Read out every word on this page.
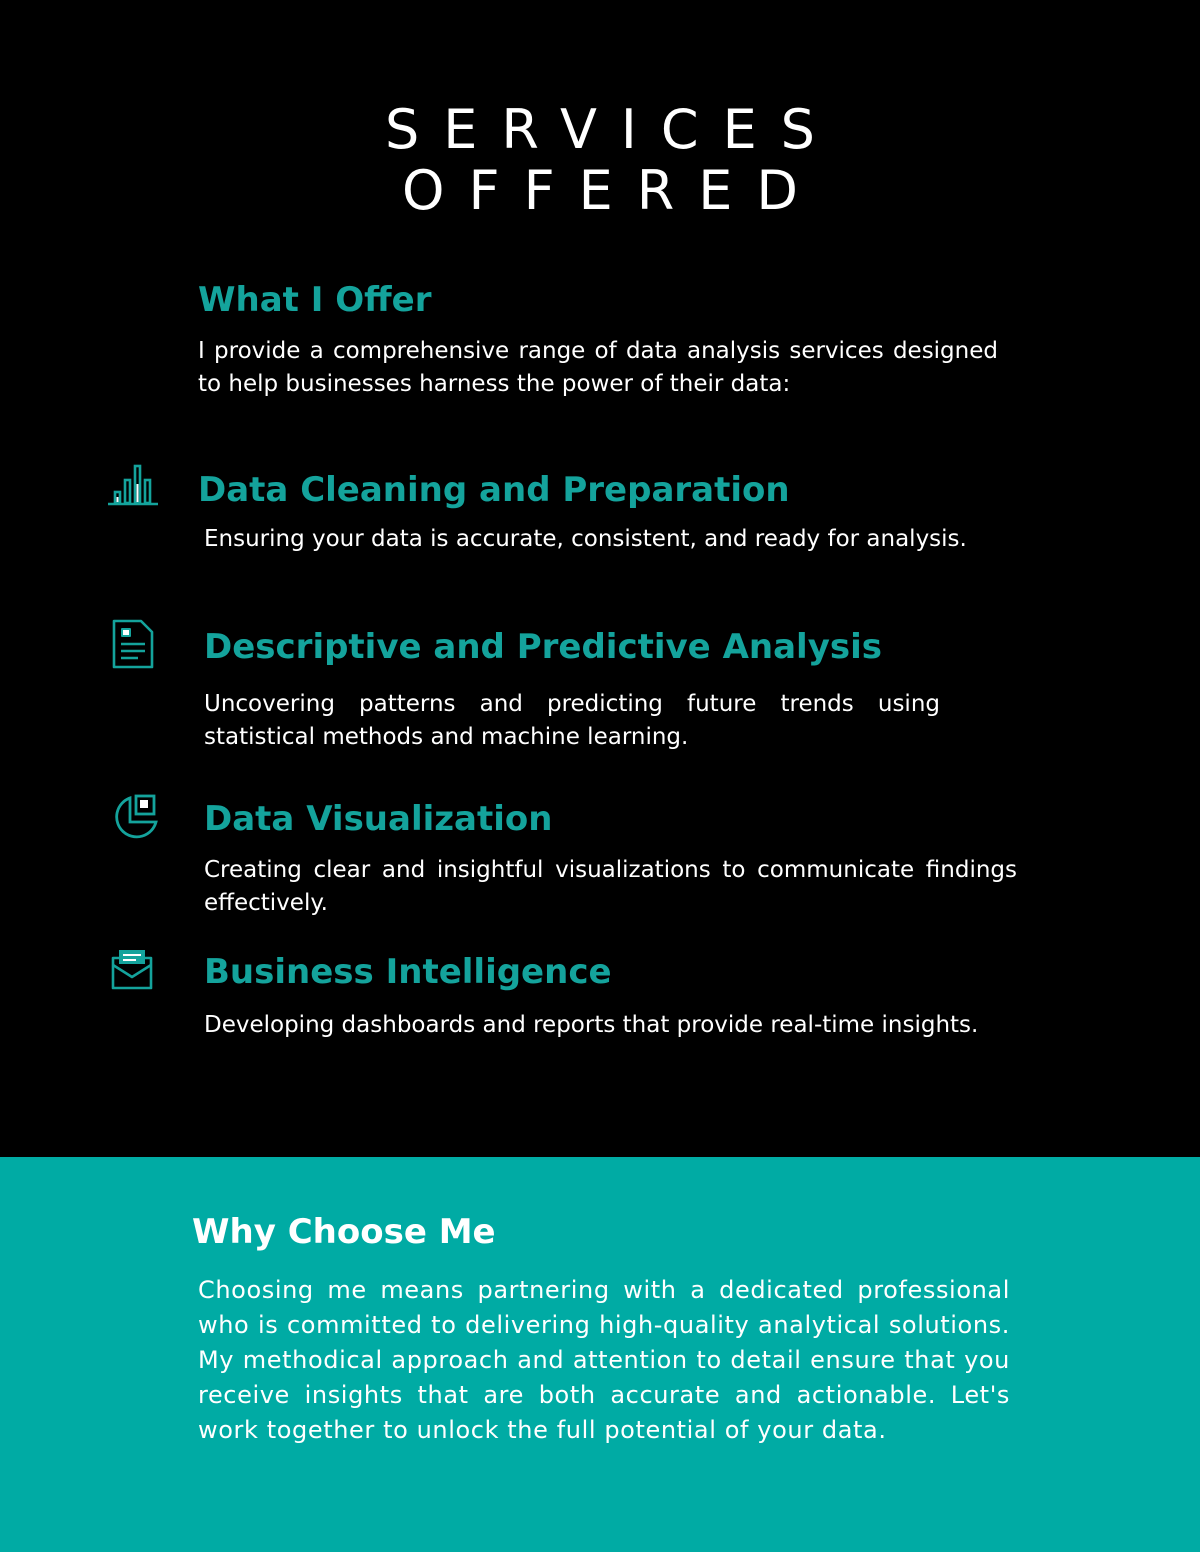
SERVICES
OFFERED
What I Offer

I provide a comprehensive range of data analysis services designed to help businesses harness the power of their data:

Data Cleaning and Preparation

Ensuring your data is accurate, consistent, and ready for analysis.

Descriptive and Predictive Analysis

Uncovering patterns and predicting future trends using statistical methods and machine learning.

Data Visualization

Creating clear and insightful visualizations to communicate findings effectively.

Business Intelligence

Developing dashboards and reports that provide real-time insights.

Why Choose Me

Choosing me means partnering with a dedicated professional who is committed to delivering high-quality analytical solutions. My methodical approach and attention to detail ensure that you receive insights that are both accurate and actionable. Let's work together to unlock the full potential of your data.
